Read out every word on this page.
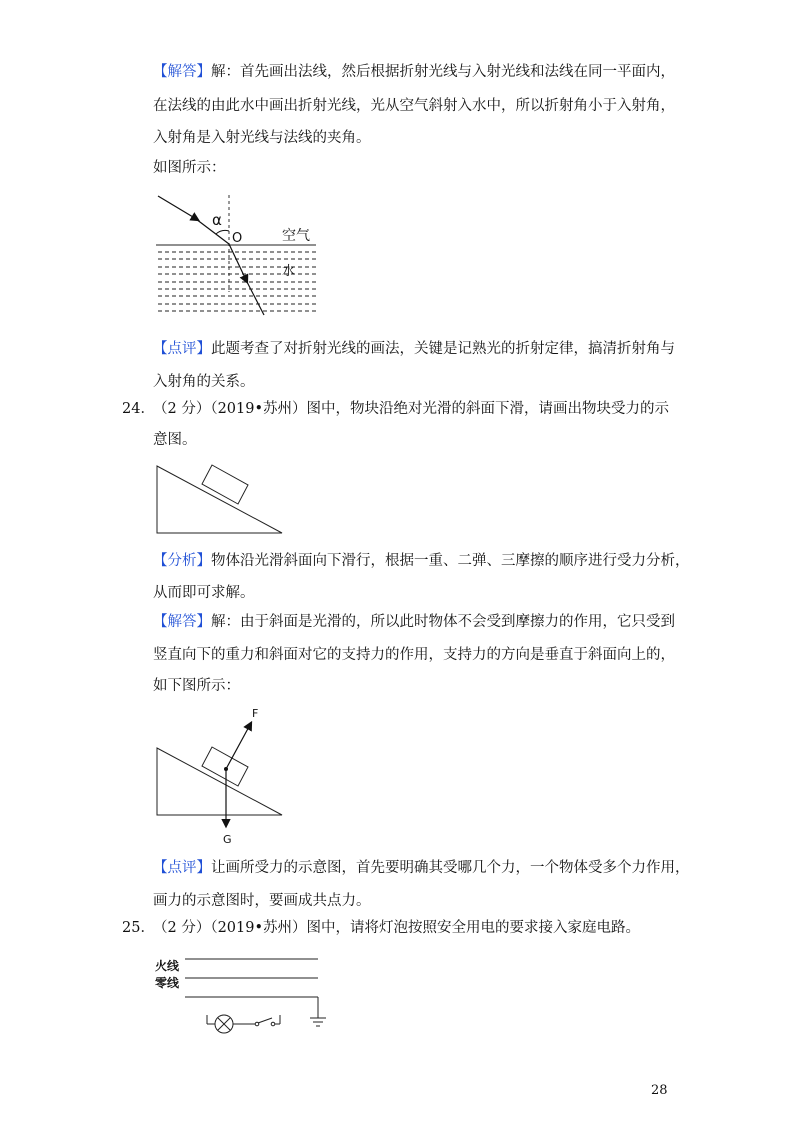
【解答】解：首先画出法线，然后根据折射光线与入射光线和法线在同一平面内，
在法线的由此水中画出折射光线，光从空气斜射入水中，所以折射角小于入射角，
入射角是入射光线与法线的夹角。
如图所示：
α
O	空气
水
【点评】此题考查了对折射光线的画法，关键是记熟光的折射定律，搞清折射角与
入射角的关系。
24．
（2 分）（2019•苏州）图中，物块沿绝对光滑的斜面下滑，请画出物块受力的示
意图。
【分析】物体沿光滑斜面向下滑行，根据一重、二弹、三摩擦的顺序进行受力分析，
从而即可求解。
【解答】解：由于斜面是光滑的，所以此时物体不会受到摩擦力的作用，它只受到
竖直向下的重力和斜面对它的支持力的作用，支持力的方向是垂直于斜面向上的，
如下图所示：
F
G
【点评】让画所受力的示意图，首先要明确其受哪几个力，一个物体受多个力作用，
画力的示意图时，要画成共点力。
25．
（2 分）（2019•苏州）图中，请将灯泡按照安全用电的要求接入家庭电路。
火线
零线
28
